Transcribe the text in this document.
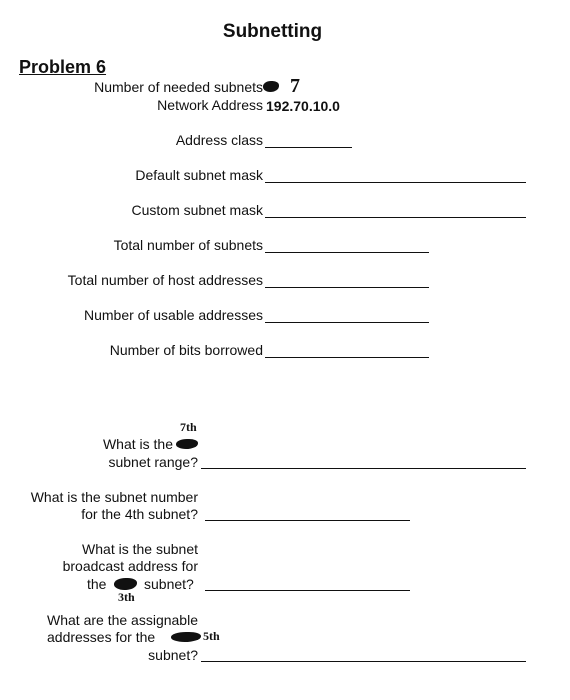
Subnetting
Problem 6
Number of needed subnets 7
Network Address 192.70.10.0
Address class
Default subnet mask
Custom subnet mask
Total number of subnets
Total number of host addresses
Number of usable addresses
Number of bits borrowed
7th
What is the
subnet range?
What is the subnet number
for the 4th subnet?
What is the subnet
broadcast address for
the	subnet?
3th
What are the assignable
addresses for the	5th
subnet?
